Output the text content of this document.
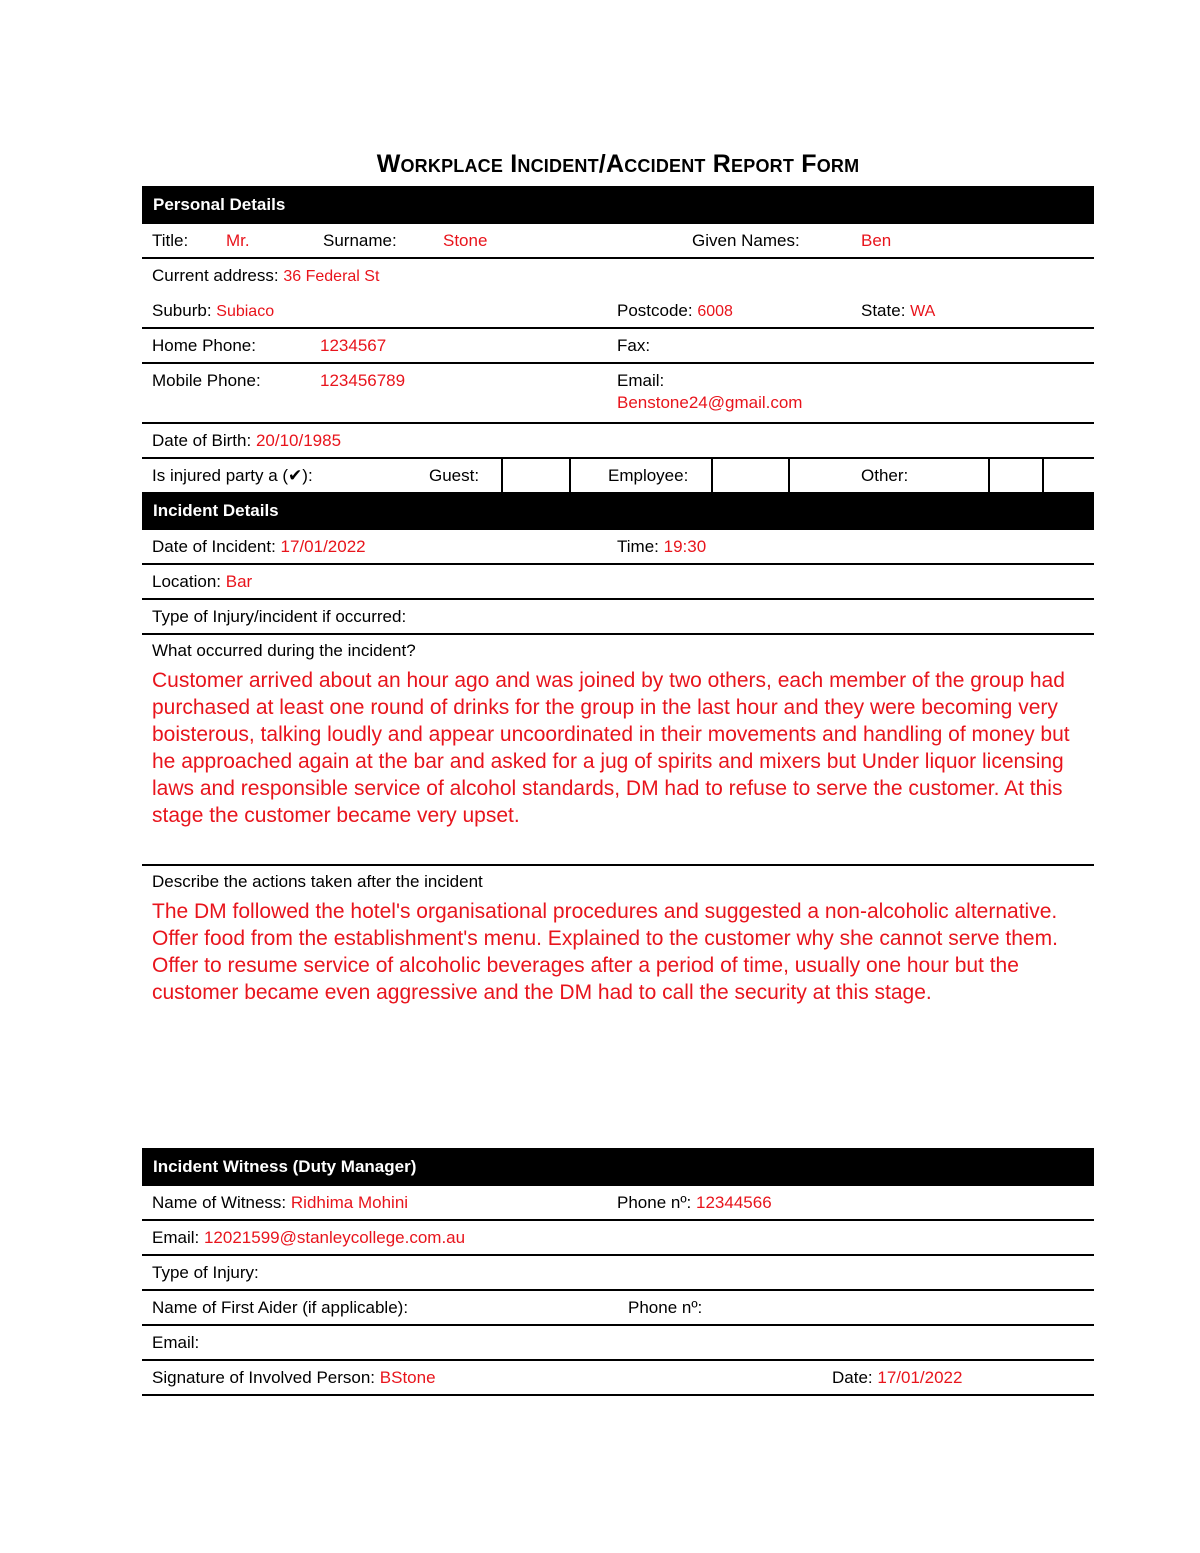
Workplace Incident/Accident Report Form
Personal Details
Title: Mr.	Surname:	Stone	Given Names:	Ben
Current address: 36 Federal St
Suburb: Subiaco	Postcode: 6008	State: WA
Home Phone:	1234567	Fax:
Mobile Phone:	123456789	Email:
Benstone24@gmail.com
Date of Birth: 20/10/1985
Is injured party a (✔):	Guest:	Employee:	Other:
Incident Details
Date of Incident: 17/01/2022	Time: 19:30
Location: Bar
Type of Injury/incident if occurred:
What occurred during the incident?
Customer arrived about an hour ago and was joined by two others, each member of the group had purchased at least one round of drinks for the group in the last hour and they were becoming very boisterous, talking loudly and appear uncoordinated in their movements and handling of money but he approached again at the bar and asked for a jug of spirits and mixers but Under liquor licensing laws and responsible service of alcohol standards, DM had to refuse to serve the customer. At this stage the customer became very upset.
Describe the actions taken after the incident
The DM followed the hotel's organisational procedures and suggested a non-alcoholic alternative. Offer food from the establishment's menu. Explained to the customer why she cannot serve them. Offer to resume service of alcoholic beverages after a period of time, usually one hour but the customer became even aggressive and the DM had to call the security at this stage.
Incident Witness (Duty Manager)
Name of Witness: Ridhima Mohini	Phone nº: 12344566
Email: 12021599@stanleycollege.com.au
Type of Injury:
Name of First Aider (if applicable):	Phone nº:
Email:
Signature of Involved Person: BStone	Date: 17/01/2022
